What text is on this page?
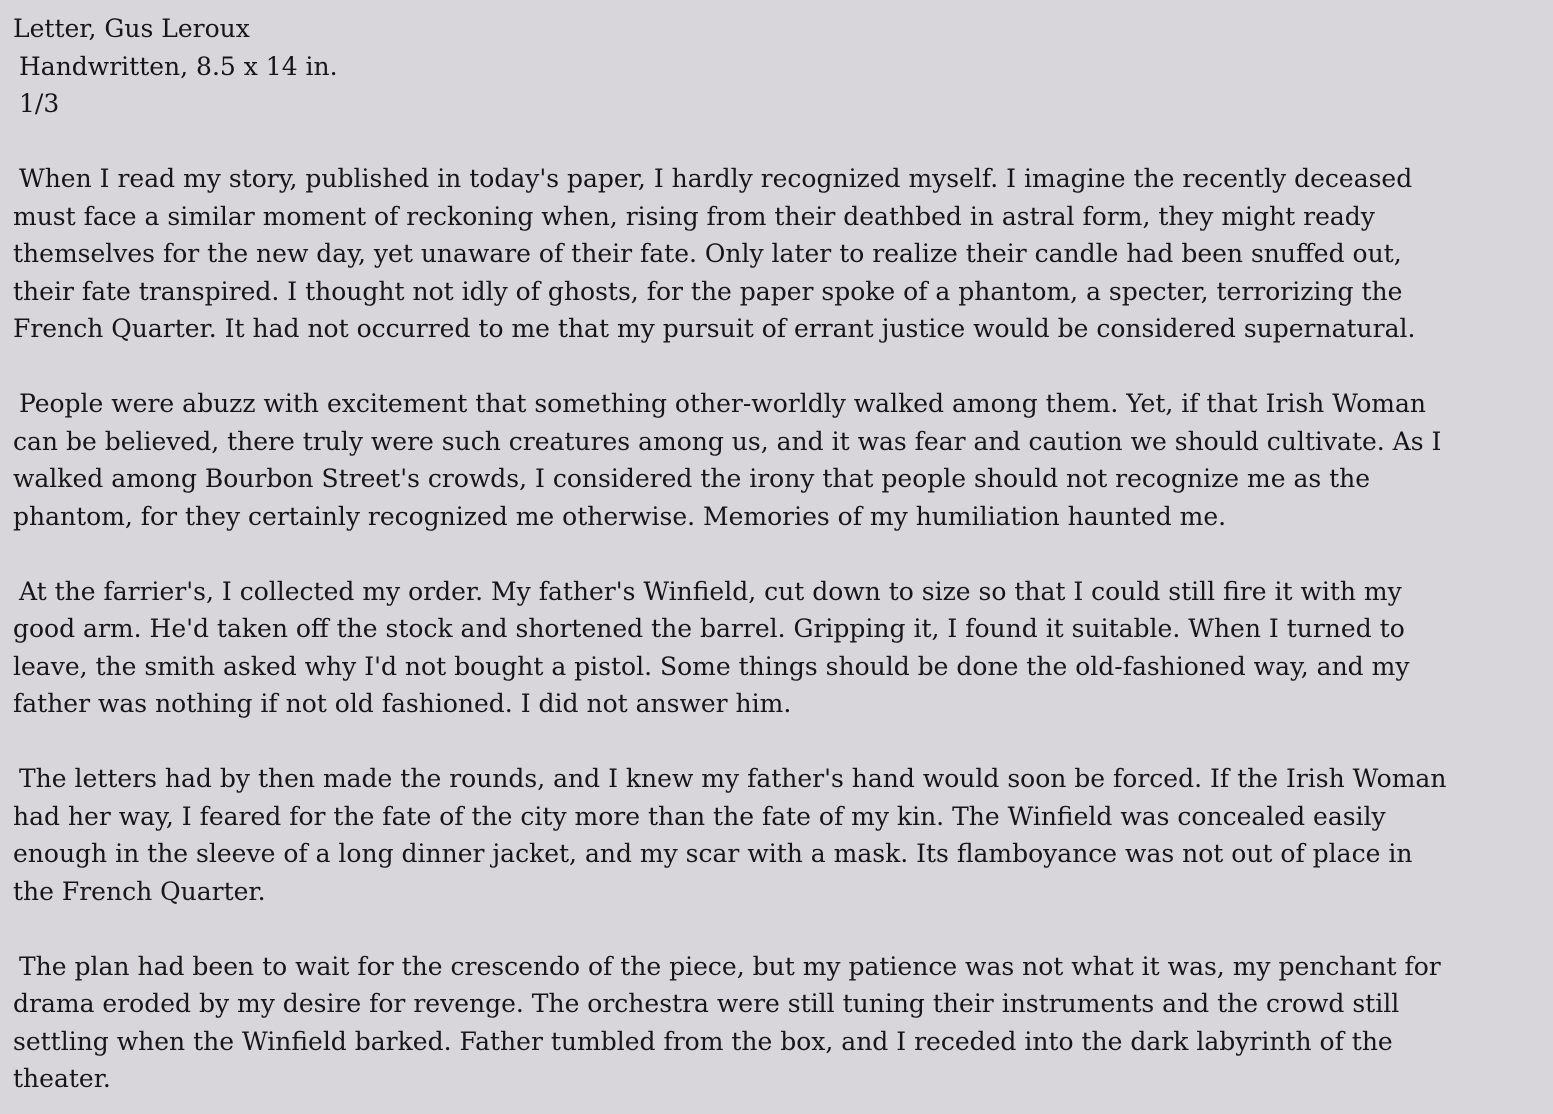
Letter, Gus Leroux
Handwritten, 8.5 x 14 in.
1/3
When I read my story, published in today's paper, I hardly recognized myself. I imagine the recently deceased
must face a similar moment of reckoning when, rising from their deathbed in astral form, they might ready
themselves for the new day, yet unaware of their fate. Only later to realize their candle had been snuffed out,
their fate transpired. I thought not idly of ghosts, for the paper spoke of a phantom, a specter, terrorizing the
French Quarter. It had not occurred to me that my pursuit of errant justice would be considered supernatural.
People were abuzz with excitement that something other-worldly walked among them. Yet, if that Irish Woman
can be believed, there truly were such creatures among us, and it was fear and caution we should cultivate. As I
walked among Bourbon Street's crowds, I considered the irony that people should not recognize me as the
phantom, for they certainly recognized me otherwise. Memories of my humiliation haunted me.
At the farrier's, I collected my order. My father's Winfield, cut down to size so that I could still fire it with my
good arm. He'd taken off the stock and shortened the barrel. Gripping it, I found it suitable. When I turned to
leave, the smith asked why I'd not bought a pistol. Some things should be done the old-fashioned way, and my
father was nothing if not old fashioned. I did not answer him.
The letters had by then made the rounds, and I knew my father's hand would soon be forced. If the Irish Woman
had her way, I feared for the fate of the city more than the fate of my kin. The Winfield was concealed easily
enough in the sleeve of a long dinner jacket, and my scar with a mask. Its flamboyance was not out of place in
the French Quarter.
The plan had been to wait for the crescendo of the piece, but my patience was not what it was, my penchant for
drama eroded by my desire for revenge. The orchestra were still tuning their instruments and the crowd still
settling when the Winfield barked. Father tumbled from the box, and I receded into the dark labyrinth of the
theater.
